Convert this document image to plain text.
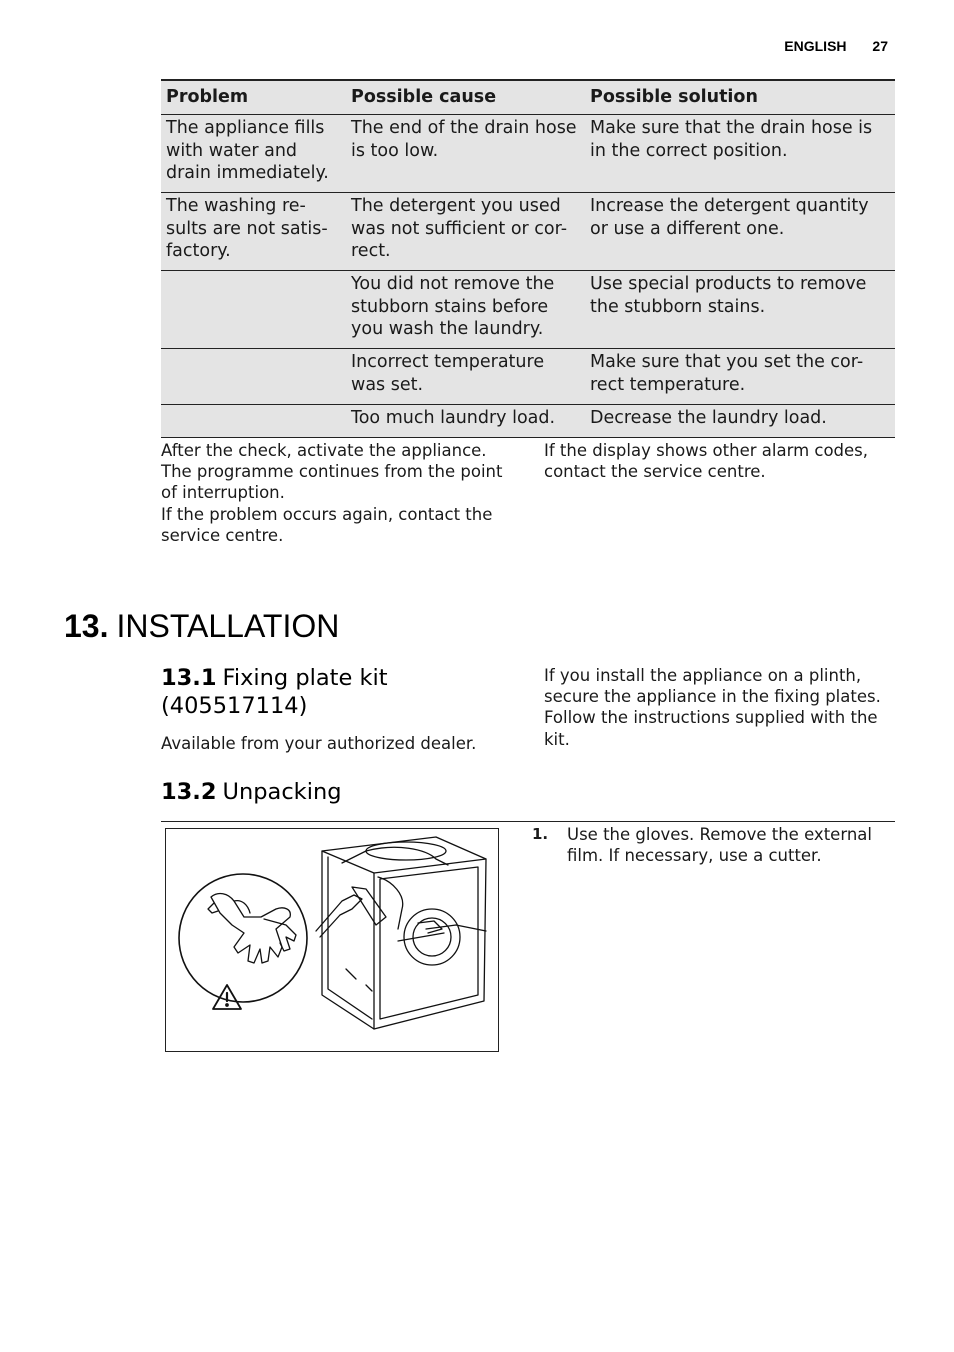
ENGLISH 27
Problem	Possible cause	Possible solution
The appliance fills with water and drain immediately.	The end of the drain hose is too low.	Make sure that the drain hose is in the correct position.
The washing re-sults are not satis-factory.	The detergent you used was not sufficient or cor-rect.	Increase the detergent quantity or use a different one.
	You did not remove the stubborn stains before you wash the laundry.	Use special products to remove the stubborn stains.
	Incorrect temperature was set.	Make sure that you set the cor-rect temperature.
	Too much laundry load.	Decrease the laundry load.

After the check, activate the appliance.

The programme continues from the point of interruption.

If the problem occurs again, contact the service centre.

If the display shows other alarm codes, contact the service centre.

13. INSTALLATION
13.1 Fixing plate kit (405517114)
Available from your authorized dealer.
If you install the appliance on a plinth, secure the appliance in the fixing plates. Follow the instructions supplied with the kit.
13.2 Unpacking
1. Use the gloves. Remove the external film. If necessary, use a cutter.
